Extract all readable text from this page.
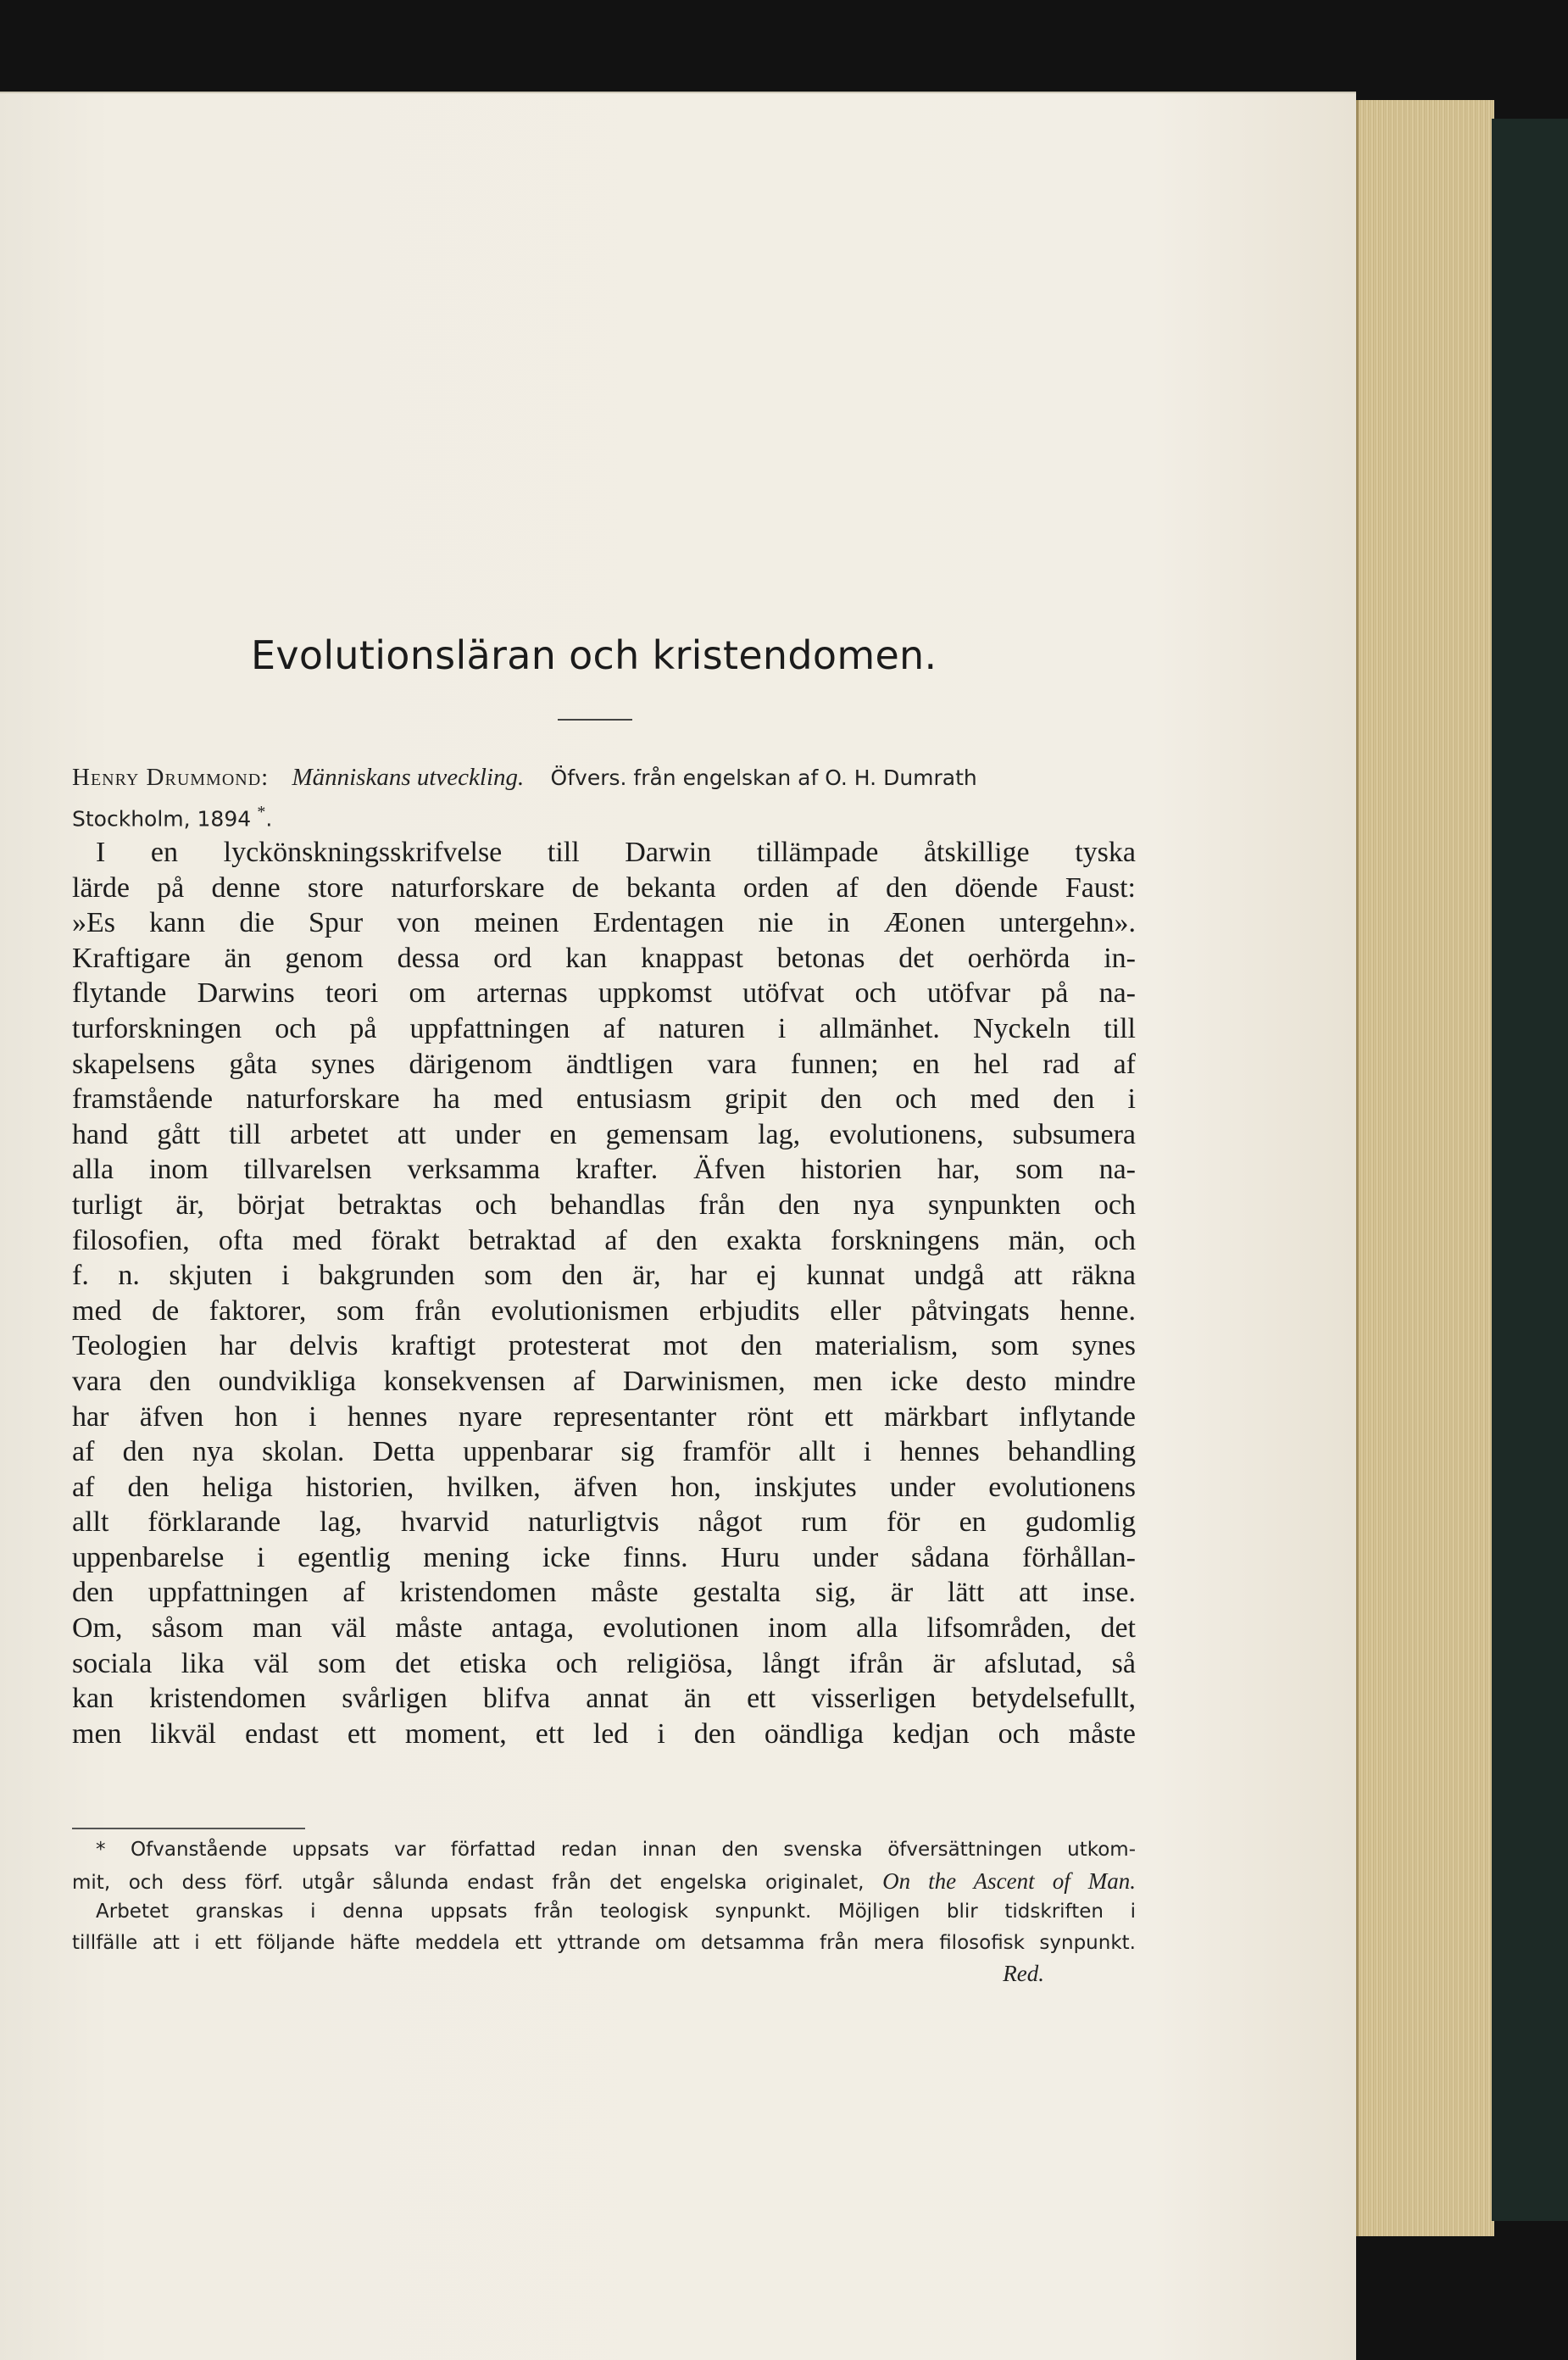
Evolutionsläran och kristendomen.
Henry Drummond: Människans utveckling. Öfvers. från engelskan af O. H. Dumrath
Stockholm, 1894 *.
I en lyckönskningsskrifvelse till Darwin tillämpade åtskillige tyska
lärde på denne store naturforskare de bekanta orden af den döende Faust:
»Es kann die Spur von meinen Erdentagen nie in Æonen untergehn».
Kraftigare än genom dessa ord kan knappast betonas det oerhörda in-
flytande Darwins teori om arternas uppkomst utöfvat och utöfvar på na-
turforskningen och på uppfattningen af naturen i allmänhet. Nyckeln till
skapelsens gåta synes därigenom ändtligen vara funnen; en hel rad af
framstående naturforskare ha med entusiasm gripit den och med den i
hand gått till arbetet att under en gemensam lag, evolutionens, subsumera
alla inom tillvarelsen verksamma krafter. Äfven historien har, som na-
turligt är, börjat betraktas och behandlas från den nya synpunkten och
filosofien, ofta med förakt betraktad af den exakta forskningens män, och
f. n. skjuten i bakgrunden som den är, har ej kunnat undgå att räkna
med de faktorer, som från evolutionismen erbjudits eller påtvingats henne.
Teologien har delvis kraftigt protesterat mot den materialism, som synes
vara den oundvikliga konsekvensen af Darwinismen, men icke desto mindre
har äfven hon i hennes nyare representanter rönt ett märkbart inflytande
af den nya skolan. Detta uppenbarar sig framför allt i hennes behandling
af den heliga historien, hvilken, äfven hon, inskjutes under evolutionens
allt förklarande lag, hvarvid naturligtvis något rum för en gudomlig
uppenbarelse i egentlig mening icke finns. Huru under sådana förhållan-
den uppfattningen af kristendomen måste gestalta sig, är lätt att inse.
Om, såsom man väl måste antaga, evolutionen inom alla lifsområden, det
sociala lika väl som det etiska och religiösa, långt ifrån är afslutad, så
kan kristendomen svårligen blifva annat än ett visserligen betydelsefullt,
men likväl endast ett moment, ett led i den oändliga kedjan och måste
* Ofvanstående uppsats var författad redan innan den svenska öfversättningen utkom-
mit, och dess förf. utgår sålunda endast från det engelska originalet, On the Ascent of Man.
Arbetet granskas i denna uppsats från teologisk synpunkt. Möjligen blir tidskriften i
tillfälle att i ett följande häfte meddela ett yttrande om detsamma från mera filosofisk synpunkt.
Red.
